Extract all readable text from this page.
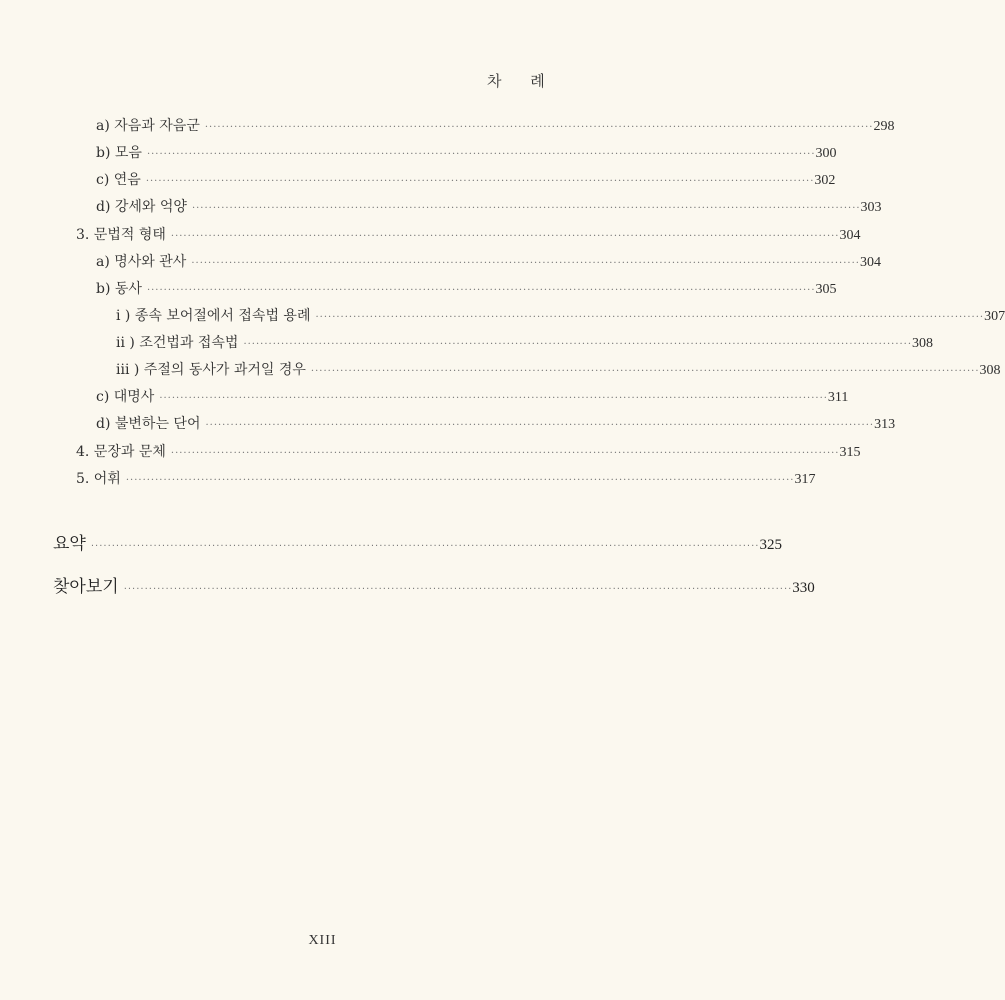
차 례
a) 자음과 자음군 ································································································································································ 298
b) 모음 ································································································································································ 300
c) 연음 ································································································································································ 302
d) 강세와 억양 ································································································································································ 303
3. 문법적 형태 ································································································································································ 304
a) 명사와 관사 ································································································································································ 304
b) 동사 ································································································································································ 305
i ) 종속 보어절에서 접속법 용례 ································································································································································ 307
ii ) 조건법과 접속법 ································································································································································ 308
iii ) 주절의 동사가 과거일 경우 ································································································································································ 308
c) 대명사 ································································································································································ 311
d) 불변하는 단어 ································································································································································ 313
4. 문장과 문체 ································································································································································ 315
5. 어휘 ································································································································································ 317
요약 ································································································································································ 325
찾아보기 ································································································································································ 330
XIII
